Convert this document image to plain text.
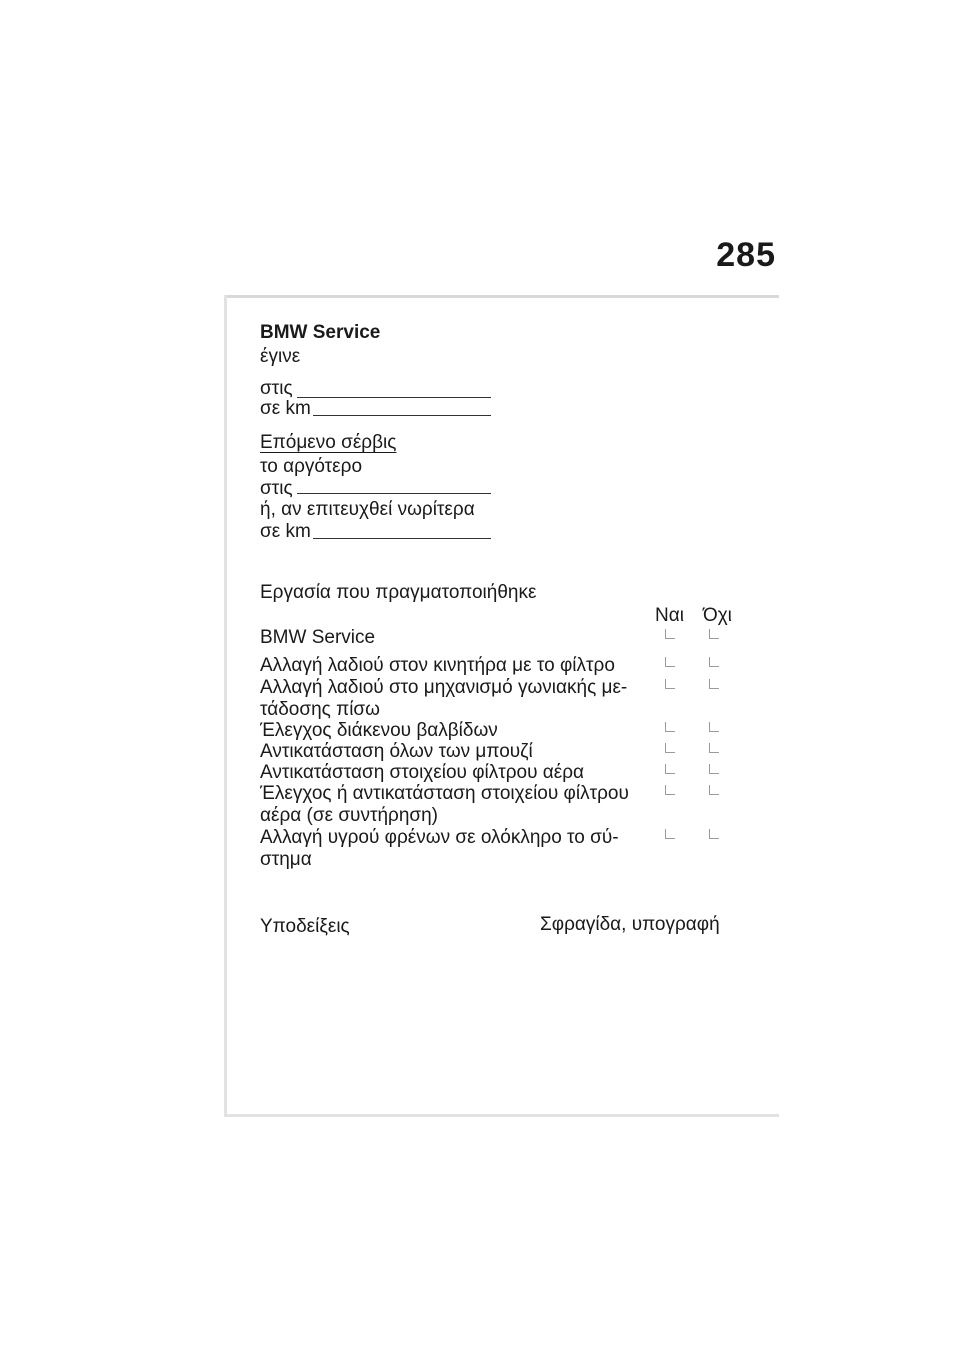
285
BMW Service
έγινε
στις
σε km
Επόμενο σέρβις
το αργότερο
στις
ή, αν επιτευχθεί νωρίτερα
σε km
Εργασία που πραγματοποιήθηκε
Ναι Όχι
BMW Service
Αλλαγή λαδιού στον κινητήρα με το φίλτρο
Αλλαγή λαδιού στο μηχανισμό γωνιακής με-
τάδοσης πίσω
Έλεγχος διάκενου βαλβίδων
Αντικατάσταση όλων των μπουζί
Αντικατάσταση στοιχείου φίλτρου αέρα
Έλεγχος ή αντικατάσταση στοιχείου φίλτρου
αέρα (σε συντήρηση)
Αλλαγή υγρού φρένων σε ολόκληρο το σύ-
στημα
Υποδείξεις	Σφραγίδα, υπογραφή
